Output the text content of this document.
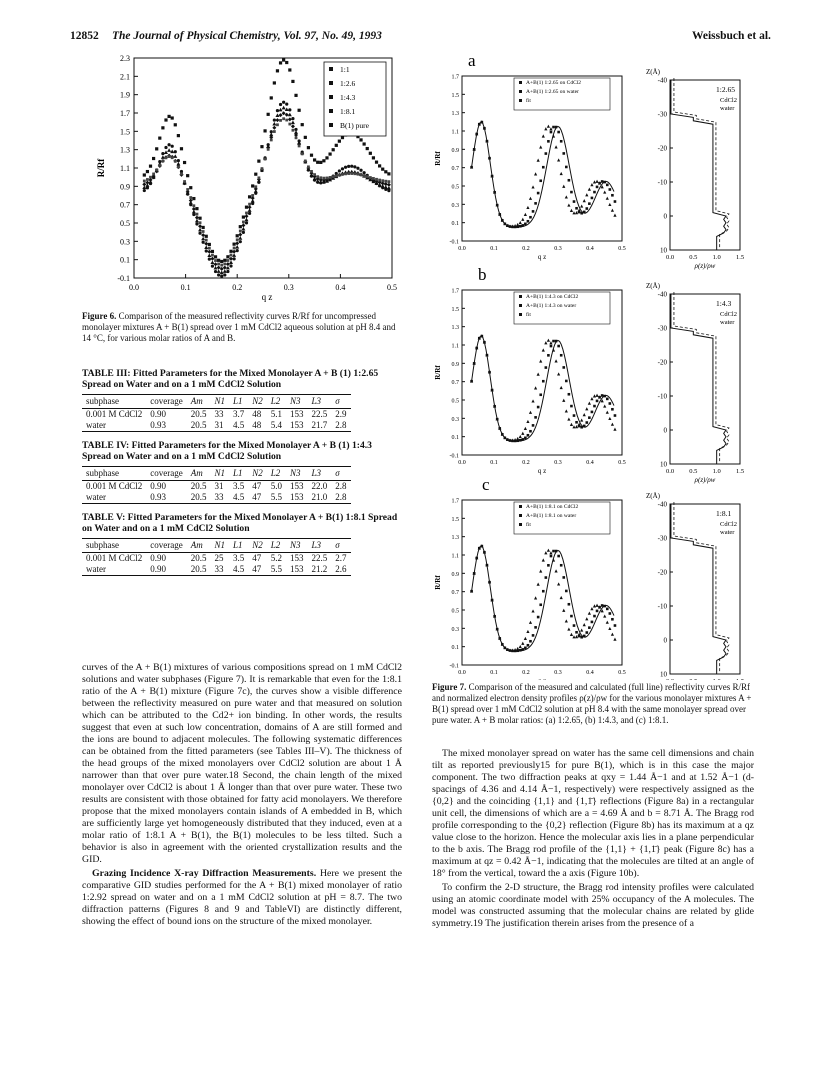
12852 The Journal of Physical Chemistry, Vol. 97, No. 49, 1993	Weissbuch et al.
-0.1
0.1
0.3
0.5
0.7
0.9
1.1
1.3
1.5
1.7
1.9
2.1
2.3
0.0	0.1	0.2	0.3	0.4	0.5
q z
R/Rf
1:1
1:2.6
1:4.3
1:8.1
B(1) pure
Figure 6. Comparison of the measured reflectivity curves R/Rf for uncompressed monolayer mixtures A + B(1) spread over 1 mM CdCl2 aqueous solution at pH 8.4 and 14 °C, for various molar ratios of A and B.
TABLE III: Fitted Parameters for the Mixed Monolayer A + B (1) 1:2.65 Spread on Water and on a 1 mM CdCl2 Solution
subphase	coverage	Am	N1	L1	N2	L2	N3	L3	σ
0.001 M CdCl2	0.90	20.5	33	3.7	48	5.1	153	22.5	2.9
water	0.93	20.5	31	4.5	48	5.4	153	21.7	2.8
TABLE IV: Fitted Parameters for the Mixed Monolayer A + B (1) 1:4.3 Spread on Water and on a 1 mM CdCl2 Solution
subphase	coverage	Am	N1	L1	N2	L2	N3	L3	σ
0.001 M CdCl2	0.90	20.5	31	3.5	47	5.0	153	22.0	2.8
water	0.93	20.5	33	4.5	47	5.5	153	21.0	2.8
TABLE V: Fitted Parameters for the Mixed Monolayer A + B(1) 1:8.1 Spread on Water and on a 1 mM CdCl2 Solution
subphase	coverage	Am	N1	L1	N2	L2	N3	L3	σ
0.001 M CdCl2	0.90	20.5	25	3.5	47	5.2	153	22.5	2.7
water	0.90	20.5	33	4.5	47	5.5	153	21.2	2.6

curves of the A + B(1) mixtures of various compositions spread on 1 mM CdCl2 solutions and water subphases (Figure 7). It is remarkable that even for the 1:8.1 ratio of the A + B(1) mixture (Figure 7c), the curves show a visible difference between the reflectivity measured on pure water and that measured on solution which can be attributed to the Cd2+ ion binding. In other words, the results suggest that even at such low concentration, domains of A are still formed and the ions are bound to adjacent molecules. The following systematic differences can be obtained from the fitted parameters (see Tables III–V). The thickness of the head groups of the mixed monolayers over CdCl2 solution are about 1 Å narrower than that over pure water.18 Second, the chain length of the mixed monolayer over CdCl2 is about 1 Å longer than that over pure water. These two results are consistent with those obtained for fatty acid monolayers. We therefore propose that the mixed monolayers contain islands of A embedded in B, which are sufficiently large yet homogeneously distributed that they induced, even at a molar ratio of 1:8.1 A + B(1), the B(1) molecules to be less tilted. Such a behavior is also in agreement with the oriented crystallization results and the GID.

Grazing Incidence X-ray Diffraction Measurements. Here we present the comparative GID studies performed for the A + B(1) mixed monolayer of ratio 1:2.92 spread on water and on a 1 mM CdCl2 solution at pH = 8.7. The two diffraction patterns (Figures 8 and 9 and TableVI) are distinctly different, showing the effect of bound ions on the structure of the mixed monolayer.

a
-0.1
0.1
0.3
0.5
0.7
0.9
1.1
1.3
1.5
1.7
0.0	0.1	0.2	0.3	0.4	0.5
q z
R/Rf
A+B(1) 1:2.65 on CdCl2
A+B(1) 1:2.65 on water
fit
Z(Å)
-40
-30
-20
-10
0
10
0.0 0.5 1.0 1.5
ρ(z)/ρw
1:2.65
CdCl2
water
b
-0.1
0.1
0.3
0.5
0.7
0.9
1.1
1.3
1.5
1.7
0.0	0.1	0.2	0.3	0.4	0.5
q z
R/Rf
A+B(1) 1:4.3 on CdCl2
A+B(1) 1:4.3 on water
fit
Z(Å)
-40
-30
-20
-10
0
10
0.0 0.5 1.0 1.5
ρ(z)/ρw
1:4.3
CdCl2
water
c
-0.1
0.1
0.3
0.5
0.7
0.9
1.1
1.3
1.5
1.7
0.0	0.1	0.2	0.3	0.4	0.5
R/Rf
A+B(1) 1:8.1 on CdCl2
A+B(1) 1:8.1 on water
fit
Z(Å)
-40
-30
-20
-10
0
10
1:8.1
CdCl2
water
Figure 7. Comparison of the measured and calculated (full line) reflectivity curves R/Rf and normalized electron density profiles ρ(z)/ρw for the various monolayer mixtures A + B(1) spread over 1 mM CdCl2 solution at pH 8.4 with the same monolayer spread over pure water. A + B molar ratios: (a) 1:2.65, (b) 1:4.3, and (c) 1:8.1.

The mixed monolayer spread on water has the same cell dimensions and chain tilt as reported previously15 for pure B(1), which is in this case the major component. The two diffraction peaks at qxy = 1.44 Å−1 and at 1.52 Å−1 (d-spacings of 4.36 and 4.14 Å−1, respectively) were respectively assigned as the {0,2} and the coinciding {1,1} and {1,1̄} reflections (Figure 8a) in a rectangular unit cell, the dimensions of which are a = 4.69 Å and b = 8.71 Å. The Bragg rod profile corresponding to the {0,2} reflection (Figure 8b) has its maximum at a qz value close to the horizon. Hence the molecular axis lies in a plane perpendicular to the b axis. The Bragg rod profile of the {1,1} + {1,1̄} peak (Figure 8c) has a maximum at qz = 0.42 Å−1, indicating that the molecules are tilted at an angle of 18° from the vertical, toward the a axis (Figure 10b).

To confirm the 2-D structure, the Bragg rod intensity profiles were calculated using an atomic coordinate model with 25% occupancy of the A molecules. The model was constructed assuming that the molecular chains are related by glide symmetry.19 The justification therein arises from the presence of a
